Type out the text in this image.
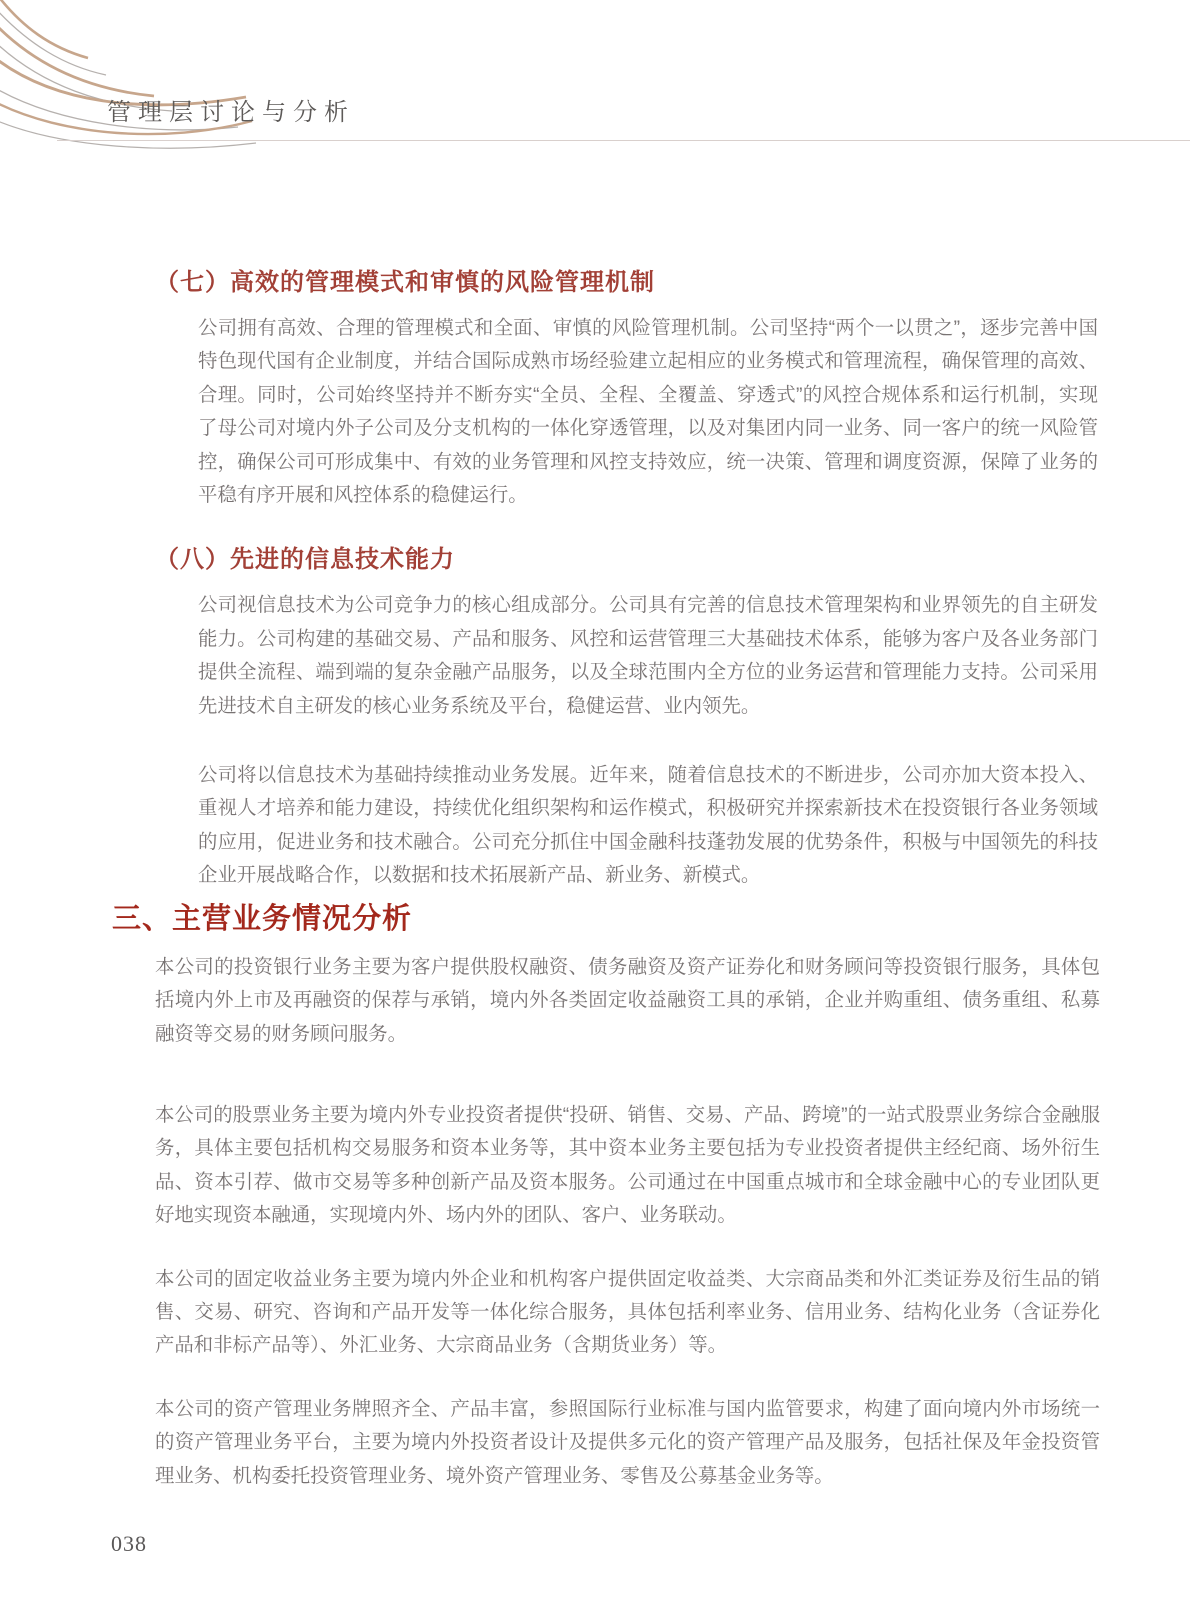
管理层讨论与分析
（七）高效的管理模式和审慎的风险管理机制

公司拥有高效、合理的管理模式和全面、审慎的风险管理机制。公司坚持“两个一以贯之”，逐步完善中国特色现代国有企业制度，并结合国际成熟市场经验建立起相应的业务模式和管理流程，确保管理的高效、合理。同时，公司始终坚持并不断夯实“全员、全程、全覆盖、穿透式”的风控合规体系和运行机制，实现了母公司对境内外子公司及分支机构的一体化穿透管理，以及对集团内同一业务、同一客户的统一风险管控，确保公司可形成集中、有效的业务管理和风控支持效应，统一决策、管理和调度资源，保障了业务的平稳有序开展和风控体系的稳健运行。

（八）先进的信息技术能力

公司视信息技术为公司竞争力的核心组成部分。公司具有完善的信息技术管理架构和业界领先的自主研发能力。公司构建的基础交易、产品和服务、风控和运营管理三大基础技术体系，能够为客户及各业务部门提供全流程、端到端的复杂金融产品服务，以及全球范围内全方位的业务运营和管理能力支持。公司采用先进技术自主研发的核心业务系统及平台，稳健运营、业内领先。

公司将以信息技术为基础持续推动业务发展。近年来，随着信息技术的不断进步，公司亦加大资本投入、重视人才培养和能力建设，持续优化组织架构和运作模式，积极研究并探索新技术在投资银行各业务领域的应用，促进业务和技术融合。公司充分抓住中国金融科技蓬勃发展的优势条件，积极与中国领先的科技企业开展战略合作，以数据和技术拓展新产品、新业务、新模式。

三、主营业务情况分析

本公司的投资银行业务主要为客户提供股权融资、债务融资及资产证券化和财务顾问等投资银行服务，具体包括境内外上市及再融资的保荐与承销，境内外各类固定收益融资工具的承销，企业并购重组、债务重组、私募融资等交易的财务顾问服务。

本公司的股票业务主要为境内外专业投资者提供“投研、销售、交易、产品、跨境”的一站式股票业务综合金融服务，具体主要包括机构交易服务和资本业务等，其中资本业务主要包括为专业投资者提供主经纪商、场外衍生品、资本引荐、做市交易等多种创新产品及资本服务。公司通过在中国重点城市和全球金融中心的专业团队更好地实现资本融通，实现境内外、场内外的团队、客户、业务联动。

本公司的固定收益业务主要为境内外企业和机构客户提供固定收益类、大宗商品类和外汇类证券及衍生品的销售、交易、研究、咨询和产品开发等一体化综合服务，具体包括利率业务、信用业务、结构化业务（含证券化产品和非标产品等）、外汇业务、大宗商品业务（含期货业务）等。

本公司的资产管理业务牌照齐全、产品丰富，参照国际行业标准与国内监管要求，构建了面向境内外市场统一的资产管理业务平台，主要为境内外投资者设计及提供多元化的资产管理产品及服务，包括社保及年金投资管理业务、机构委托投资管理业务、境外资产管理业务、零售及公募基金业务等。

038
